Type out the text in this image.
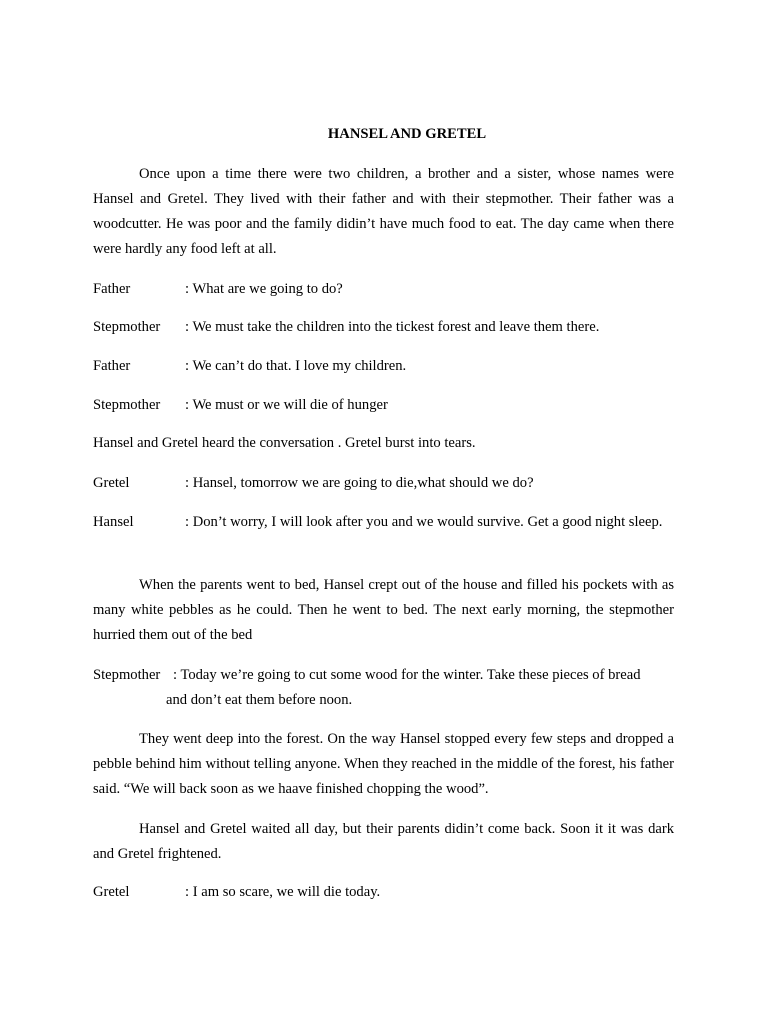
HANSEL AND GRETEL

Once upon a time there were two children, a brother and a sister, whose names were Hansel and Gretel. They lived with their father and with their stepmother. Their father was a woodcutter. He was poor and the family didin’t have much food to eat. The day came when there were hardly any food left at all.

Father	: What are we going to do?
Stepmother : We must take the children into the tickest forest and leave them there.
Father	: We can’t do that. I love my children.
Stepmother : We must or we will die of hunger

Hansel and Gretel heard the conversation . Gretel burst into tears.

Gretel	: Hansel, tomorrow we are going to die,what should we do?
Hansel	: Don’t worry, I will look after you and we would survive. Get a good night sleep.

When the parents went to bed, Hansel crept out of the house and filled his pockets with as many white pebbles as he could. Then he went to bed. The next early morning, the stepmother hurried them out of the bed

Stepmother : Today we’re going to cut some wood for the winter. Take these pieces of bread
and don’t eat them before noon.

They went deep into the forest. On the way Hansel stopped every few steps and dropped a pebble behind him without telling anyone. When they reached in the middle of the forest, his father said. “We will back soon as we haave finished chopping the wood”.

Hansel and Gretel waited all day, but their parents didin’t come back. Soon it it was dark and Gretel frightened.

Gretel	: I am so scare, we will die today.
